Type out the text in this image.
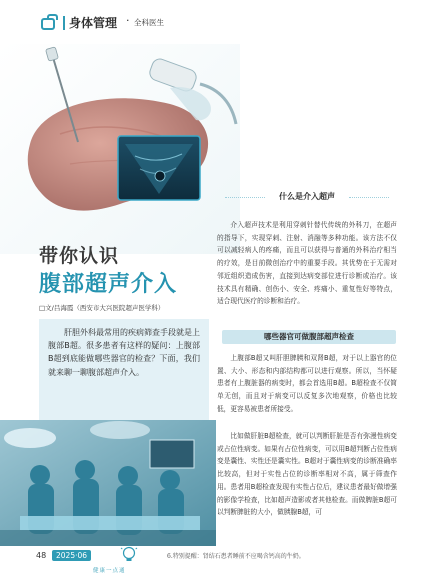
身体管理 · 全科医生
带你认识
腹部超声介入
□文/吕海霞（西安市大兴医院超声医学科）

肝胆外科最常用的疾病筛查手段就是上腹部B超。很多患者有这样的疑问：上腹部B超到底能做哪些器官的检查？下面，我们就来聊一聊腹部超声介入。

什么是介入超声

介入超声技术是利用穿刺针替代传统的外科刀，在超声的指导下，实现穿刺、注射、消融等多种功能。该方法不仅可以减轻病人的疼痛，而且可以获得与普通的外科治疗相当的疗效，是目前微创治疗中的重要手段。其优势在于无需对邻近组织造成伤害，直接到达病变部位进行诊断或治疗。该技术具有精确、创伤小、安全、疼痛小、重复性好等特点，适合现代医疗的诊断和治疗。

哪些器官可做腹部超声检查

上腹部B超又叫肝胆脾胰和双肾B超，对于以上器官的位置、大小、形态和内部结构都可以进行观察。所以，当怀疑患者有上腹脏器的病变时，都会首选用B超。B超检查不仅简单无创，而且对于病变可以反复多次地观察，价格也比较低，更容易被患者所接受。

比如做肝脏B超检查，就可以判断肝脏是否有弥漫性病变或占位性病变。如果有占位性病变，可以用B超判断占位性病变是囊性、实性还是囊实性。B超对于囊性病变的诊断准确率比较高，但对于实性占位的诊断率相对不高，属于筛查作用。患者用B超检查发现有实性占位后，建议患者最好做增强的影像学检查，比如超声造影或者其他检查。而做脾脏B超可以判断脾脏的大小，做胰腺B超，可

48	2025·06
健康一点通
6.特别提醒：肾结石患者睡前不应喝含钙高的牛奶。
